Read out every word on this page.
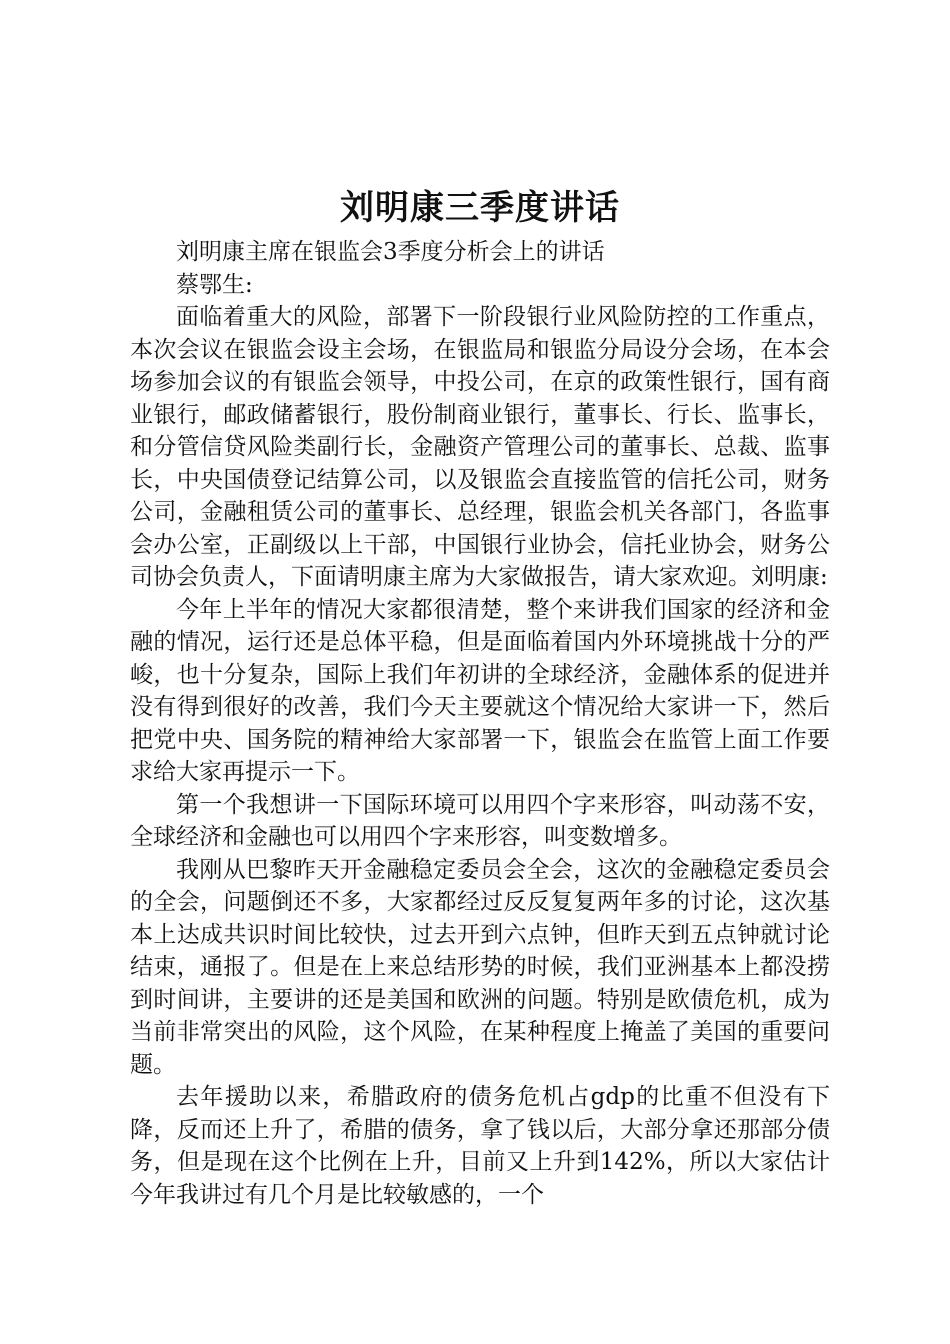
刘明康三季度讲话

刘明康主席在银监会3季度分析会上的讲话

蔡鄂生:

面临着重大的风险，部署下一阶段银行业风险防控的工作重点，本次会议在银监会设主会场，在银监局和银监分局设分会场，在本会场参加会议的有银监会领导，中投公司，在京的政策性银行，国有商业银行，邮政储蓄银行，股份制商业银行，董事长、行长、监事长，和分管信贷风险类副行长，金融资产管理公司的董事长、总裁、监事长，中央国债登记结算公司，以及银监会直接监管的信托公司，财务公司，金融租赁公司的董事长、总经理，银监会机关各部门，各监事会办公室，正副级以上干部，中国银行业协会，信托业协会，财务公司协会负责人，下面请明康主席为大家做报告，请大家欢迎。刘明康:

今年上半年的情况大家都很清楚，整个来讲我们国家的经济和金融的情况，运行还是总体平稳，但是面临着国内外环境挑战十分的严峻，也十分复杂，国际上我们年初讲的全球经济，金融体系的促进并没有得到很好的改善，我们今天主要就这个情况给大家讲一下，然后把党中央、国务院的精神给大家部署一下，银监会在监管上面工作要求给大家再提示一下。

第一个我想讲一下国际环境可以用四个字来形容，叫动荡不安，全球经济和金融也可以用四个字来形容，叫变数增多。

我刚从巴黎昨天开金融稳定委员会全会，这次的金融稳定委员会的全会，问题倒还不多，大家都经过反反复复两年多的讨论，这次基本上达成共识时间比较快，过去开到六点钟，但昨天到五点钟就讨论结束，通报了。但是在上来总结形势的时候，我们亚洲基本上都没捞到时间讲，主要讲的还是美国和欧洲的问题。特别是欧债危机，成为当前非常突出的风险，这个风险，在某种程度上掩盖了美国的重要问题。

去年援助以来，希腊政府的债务危机占gdp的比重不但没有下降，反而还上升了，希腊的债务，拿了钱以后，大部分拿还那部分债务，但是现在这个比例在上升，目前又上升到142%，所以大家估计今年我讲过有几个月是比较敏感的，一个
